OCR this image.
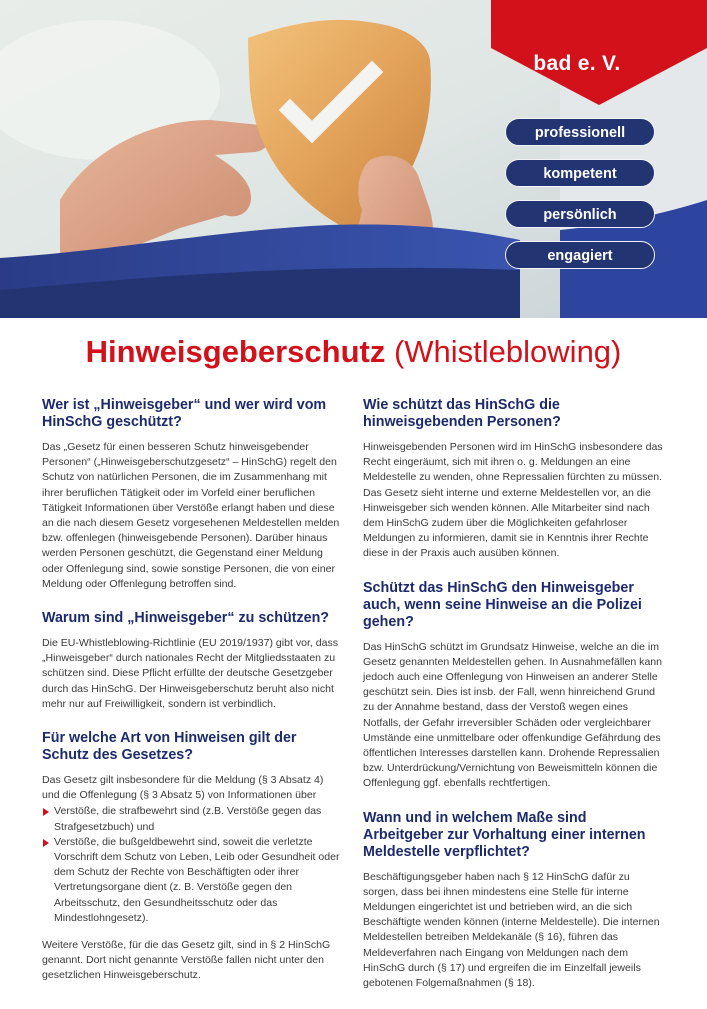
bad e. V.
professionell
kompetent
persönlich
engagiert
Hinweisgeberschutz (Whistleblowing)
Wer ist „Hinweisgeber“ und wer wird vom HinSchG geschützt?

Das „Gesetz für einen besseren Schutz hinweisgebender Personen“ („Hinweisgeberschutzgesetz“ – HinSchG) regelt den Schutz von natürlichen Personen, die im Zusammenhang mit ihrer beruflichen Tätigkeit oder im Vorfeld einer beruflichen Tätigkeit Informationen über Verstöße erlangt haben und diese an die nach diesem Gesetz vorgesehenen Meldestellen melden bzw. offenlegen (hinweisgebende Personen). Darüber hinaus werden Personen geschützt, die Gegenstand einer Meldung oder Offenlegung sind, sowie sonstige Personen, die von einer Meldung oder Offenlegung betroffen sind.

Warum sind „Hinweisgeber“ zu schützen?

Die EU-Whistleblowing-Richtlinie (EU 2019/1937) gibt vor, dass „Hinweisgeber“ durch nationales Recht der Mitgliedsstaaten zu schützen sind. Diese Pflicht erfüllte der deutsche Gesetzgeber durch das HinSchG. Der Hinweisgeberschutz beruht also nicht mehr nur auf Freiwilligkeit, sondern ist verbindlich.

Für welche Art von Hinweisen gilt der Schutz des Gesetzes?

Das Gesetz gilt insbesondere für die Meldung (§ 3 Absatz 4) und die Offenlegung (§ 3 Absatz 5) von Informationen über

Verstöße, die strafbewehrt sind (z.B. Verstöße gegen das Strafgesetzbuch) und
Verstöße, die bußgeldbewehrt sind, soweit die verletzte Vorschrift dem Schutz von Leben, Leib oder Gesundheit oder dem Schutz der Rechte von Beschäftigten oder ihrer Vertretungsorgane dient (z. B. Verstöße gegen den Arbeitsschutz, den Gesundheitsschutz oder das Mindestlohngesetz).

Weitere Verstöße, für die das Gesetz gilt, sind in § 2 HinSchG genannt. Dort nicht genannte Verstöße fallen nicht unter den gesetzlichen Hinweisgeberschutz.

Wie schützt das HinSchG die hinweisgebenden Personen?

Hinweisgebenden Personen wird im HinSchG insbesondere das Recht eingeräumt, sich mit ihren o. g. Meldungen an eine Meldestelle zu wenden, ohne Repressalien fürchten zu müssen. Das Gesetz sieht interne und externe Meldestellen vor, an die Hinweisgeber sich wenden können. Alle Mitarbeiter sind nach dem HinSchG zudem über die Möglichkeiten gefahrloser Meldungen zu informieren, damit sie in Kenntnis ihrer Rechte diese in der Praxis auch ausüben können.

Schützt das HinSchG den Hinweisgeber auch, wenn seine Hinweise an die Polizei gehen?

Das HinSchG schützt im Grundsatz Hinweise, welche an die im Gesetz genannten Meldestellen gehen. In Ausnahmefällen kann jedoch auch eine Offenlegung von Hinweisen an anderer Stelle geschützt sein. Dies ist insb. der Fall, wenn hinreichend Grund zu der Annahme bestand, dass der Verstoß wegen eines Notfalls, der Gefahr irreversibler Schäden oder vergleichbarer Umstände eine unmittelbare oder offenkundige Gefährdung des öffentlichen Interesses darstellen kann. Drohende Repressalien bzw. Unterdrückung/Vernichtung von Beweismitteln können die Offenlegung ggf. ebenfalls rechtfertigen.

Wann und in welchem Maße sind Arbeitgeber zur Vorhaltung einer internen Meldestelle verpflichtet?

Beschäftigungsgeber haben nach § 12 HinSchG dafür zu sorgen, dass bei ihnen mindestens eine Stelle für interne Meldungen eingerichtet ist und betrieben wird, an die sich Beschäftigte wenden können (interne Meldestelle). Die internen Meldestellen betreiben Meldekanäle (§ 16), führen das Meldeverfahren nach Eingang von Meldungen nach dem HinSchG durch (§ 17) und ergreifen die im Einzelfall jeweils gebotenen Folgemaßnahmen (§ 18).
